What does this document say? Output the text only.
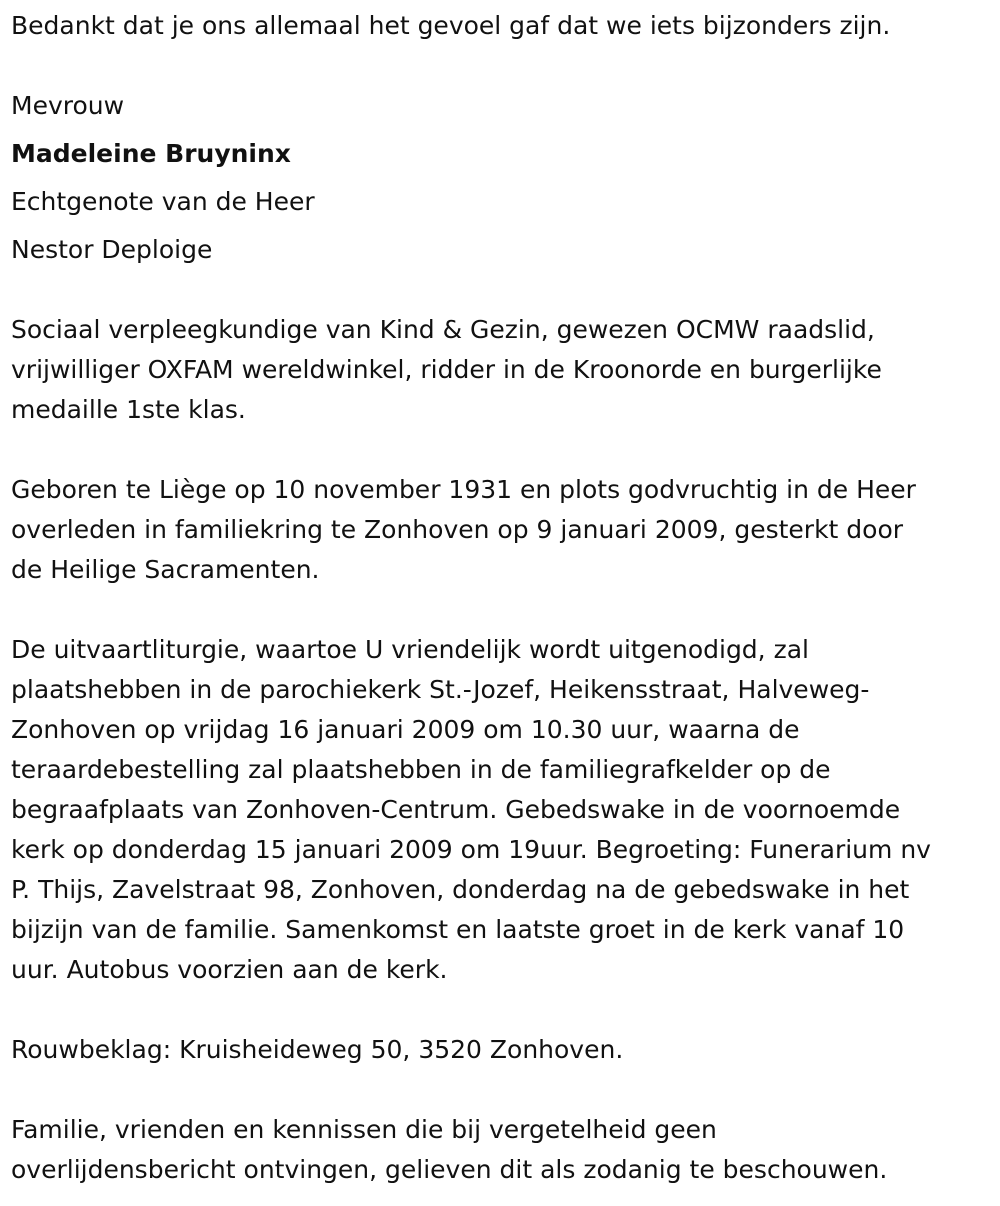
Bedankt dat je ons allemaal het gevoel gaf dat we iets bijzonders zijn.
Mevrouw
Madeleine Bruyninx
Echtgenote van de Heer
Nestor Deploige
Sociaal verpleegkundige van Kind & Gezin, gewezen OCMW raadslid,
vrijwilliger OXFAM wereldwinkel, ridder in de Kroonorde en burgerlijke
medaille 1ste klas.
Geboren te Liège op 10 november 1931 en plots godvruchtig in de Heer
overleden in familiekring te Zonhoven op 9 januari 2009, gesterkt door
de Heilige Sacramenten.
De uitvaartliturgie, waartoe U vriendelijk wordt uitgenodigd, zal
plaatshebben in de parochiekerk St.-Jozef, Heikensstraat, Halveweg-
Zonhoven op vrijdag 16 januari 2009 om 10.30 uur, waarna de
teraardebestelling zal plaatshebben in de familiegrafkelder op de
begraafplaats van Zonhoven-Centrum. Gebedswake in de voornoemde
kerk op donderdag 15 januari 2009 om 19uur. Begroeting: Funerarium nv
P. Thijs, Zavelstraat 98, Zonhoven, donderdag na de gebedswake in het
bijzijn van de familie. Samenkomst en laatste groet in de kerk vanaf 10
uur. Autobus voorzien aan de kerk.
Rouwbeklag: Kruisheideweg 50, 3520 Zonhoven.
Familie, vrienden en kennissen die bij vergetelheid geen
overlijdensbericht ontvingen, gelieven dit als zodanig te beschouwen.
